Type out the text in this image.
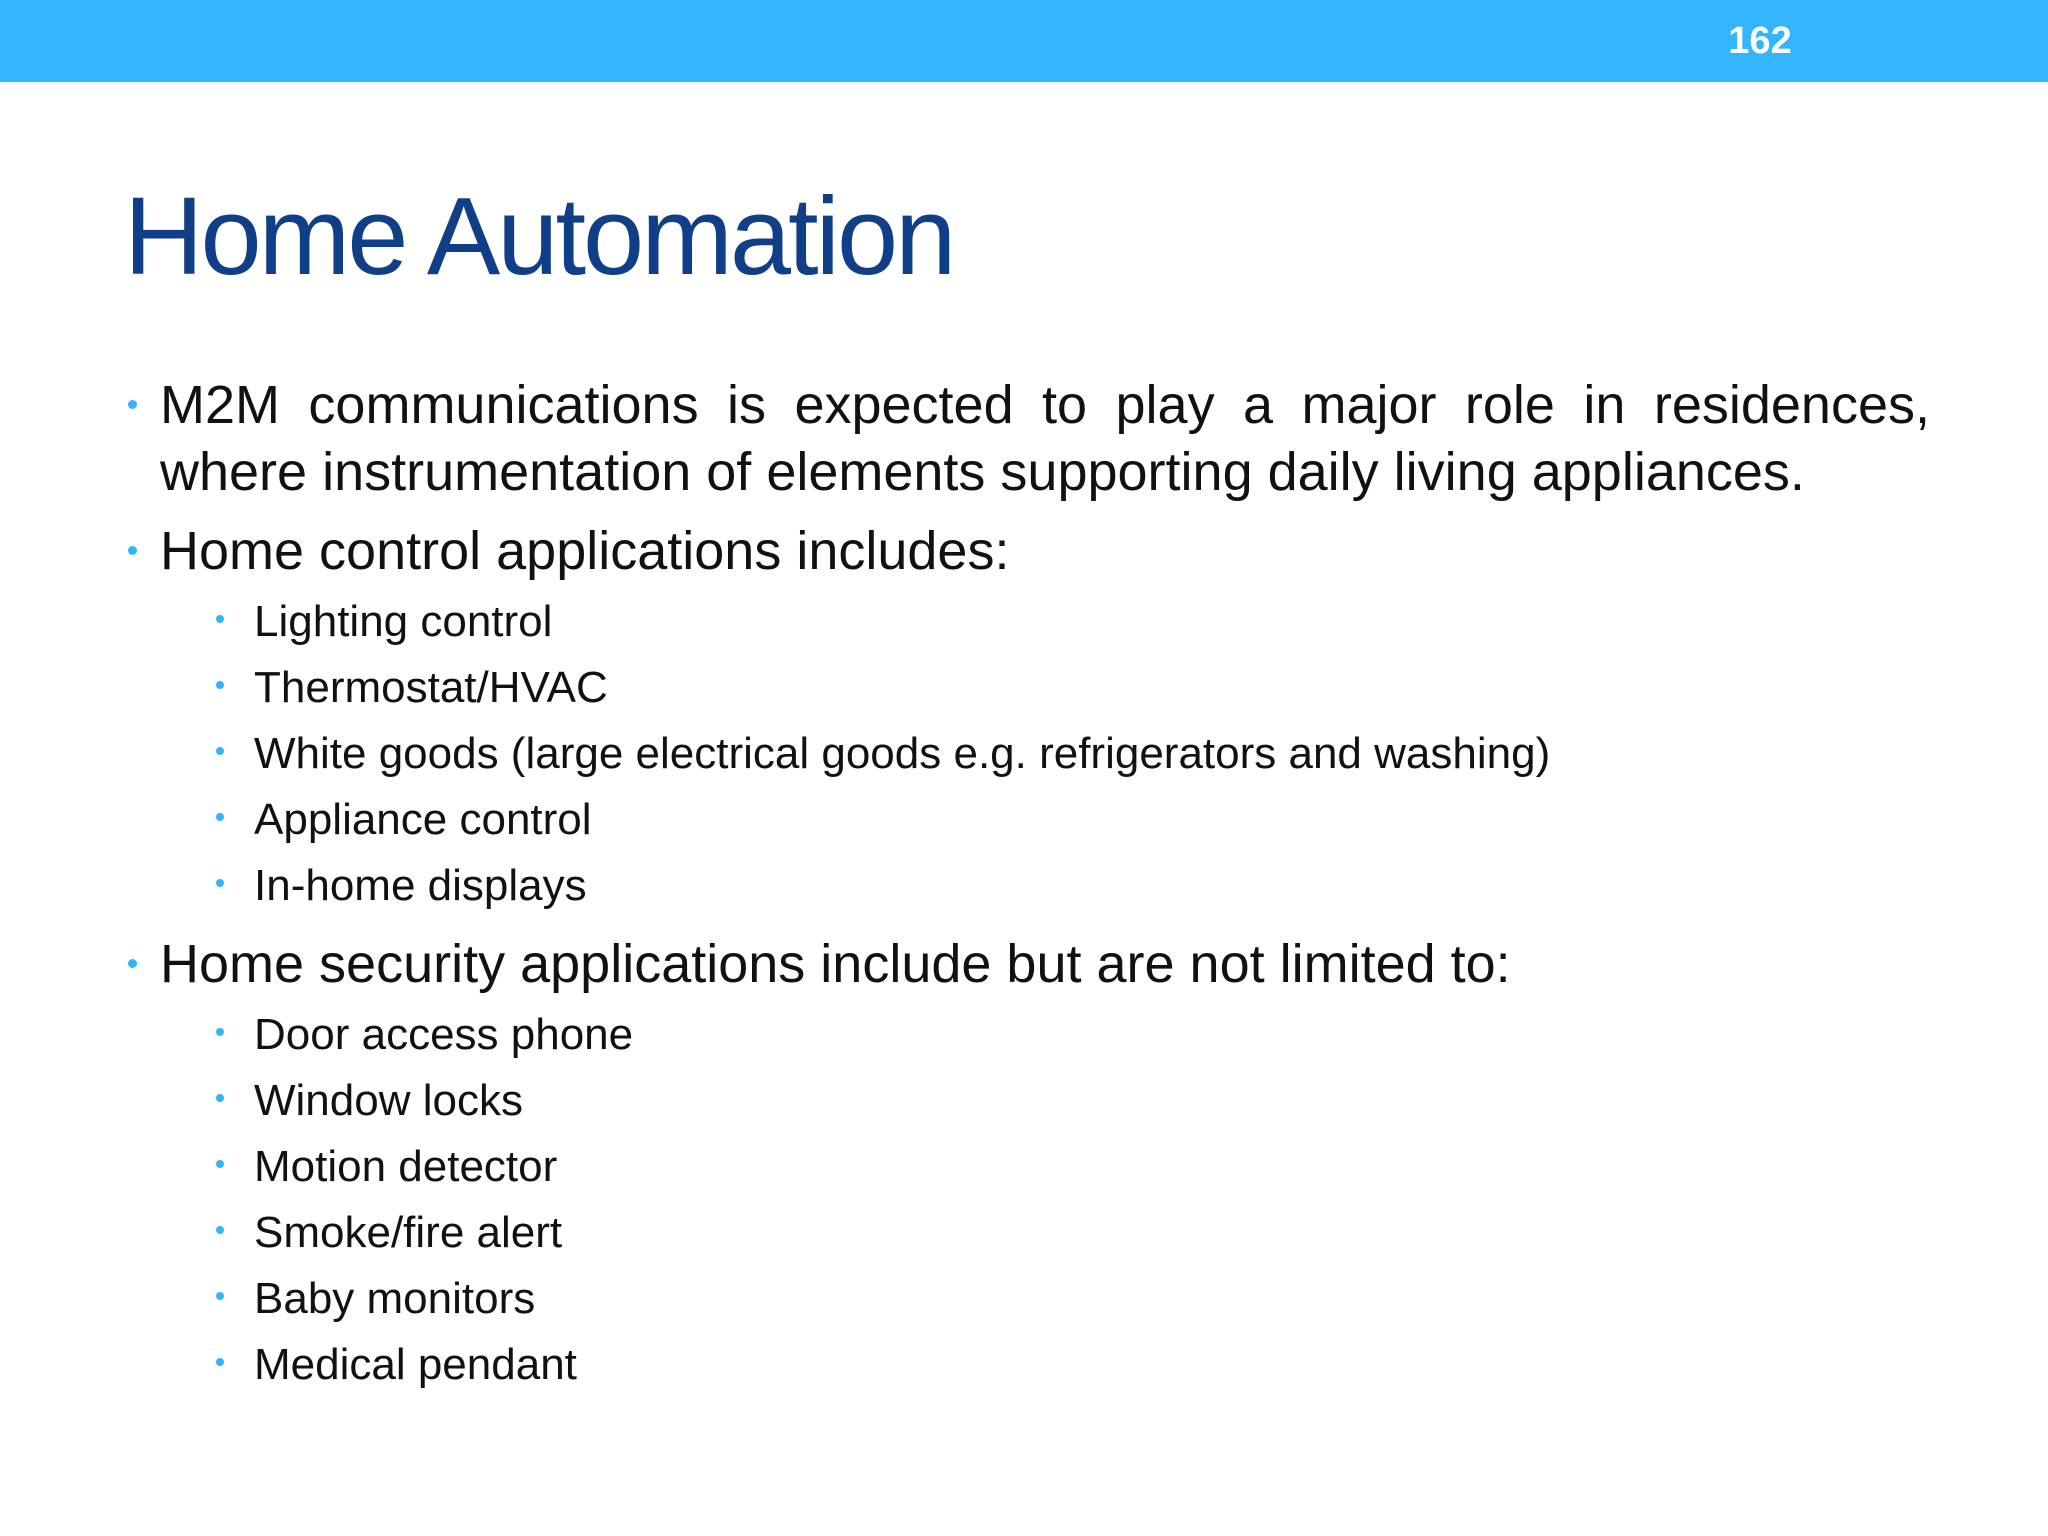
162
Home Automation
M2M communications is expected to play a major role in residences, where instrumentation of elements supporting daily living appliances.
Home control applications includes:
Lighting control
Thermostat/HVAC
White goods (large electrical goods e.g. refrigerators and washing)
Appliance control
In-home displays
Home security applications include but are not limited to:
Door access phone
Window locks
Motion detector
Smoke/fire alert
Baby monitors
Medical pendant
